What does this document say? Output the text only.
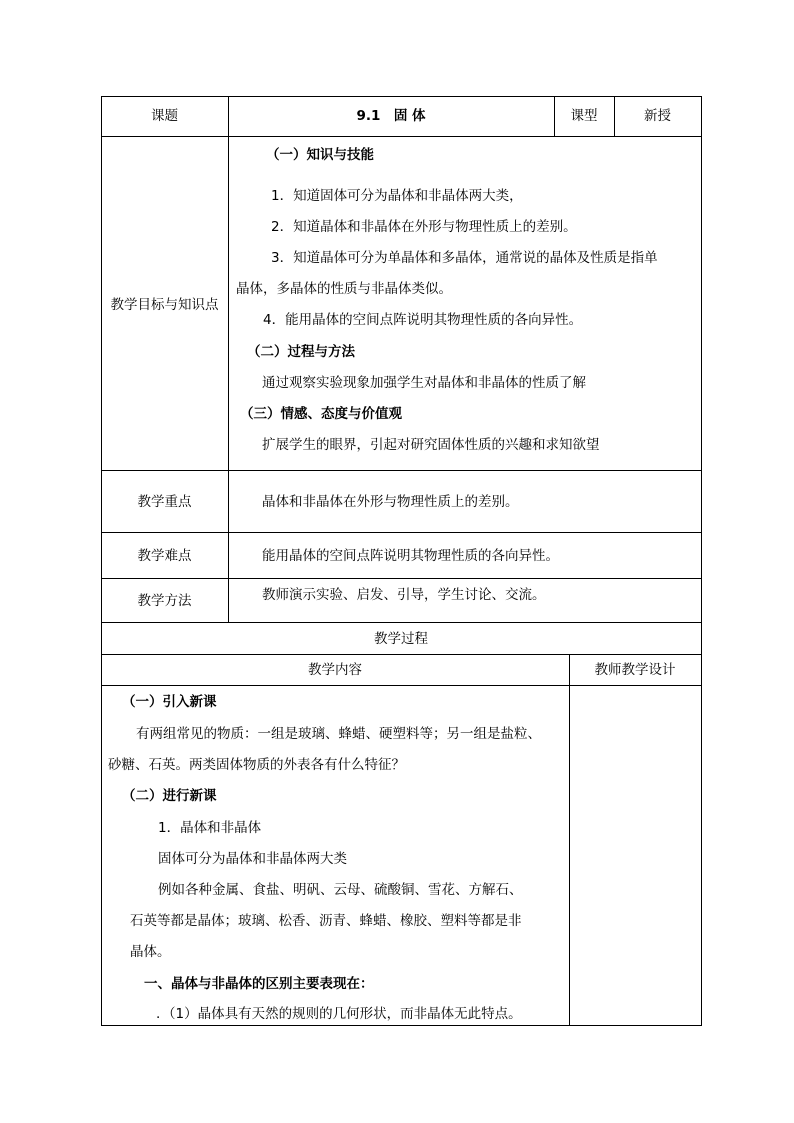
课题	9.1　固 体	课型	新授
教学目标与知识点
（一）知识与技能
1．知道固体可分为晶体和非晶体两大类，
2．知道晶体和非晶体在外形与物理性质上的差别。
3．知道晶体可分为单晶体和多晶体，通常说的晶体及性质是指单
晶体，多晶体的性质与非晶体类似。
4．能用晶体的空间点阵说明其物理性质的各向异性。
（二）过程与方法
通过观察实验现象加强学生对晶体和非晶体的性质了解
（三）情感、态度与价值观
扩展学生的眼界，引起对研究固体性质的兴趣和求知欲望
教学重点	晶体和非晶体在外形与物理性质上的差别。
教学难点	能用晶体的空间点阵说明其物理性质的各向异性。
教学方法	教师演示实验、启发、引导，学生讨论、交流。
教学过程
教学内容	教师教学设计
（一）引入新课
有两组常见的物质：一组是玻璃、蜂蜡、硬塑料等；另一组是盐粒、
砂糖、石英。两类固体物质的外表各有什么特征？
（二）进行新课
1．晶体和非晶体
固体可分为晶体和非晶体两大类
例如各种金属、食盐、明矾、云母、硫酸铜、雪花、方解石、
石英等都是晶体；玻璃、松香、沥青、蜂蜡、橡胶、塑料等都是非
晶体。
一、晶体与非晶体的区别主要表现在：
. （1）晶体具有天然的规则的几何形状，而非晶体无此特点。
